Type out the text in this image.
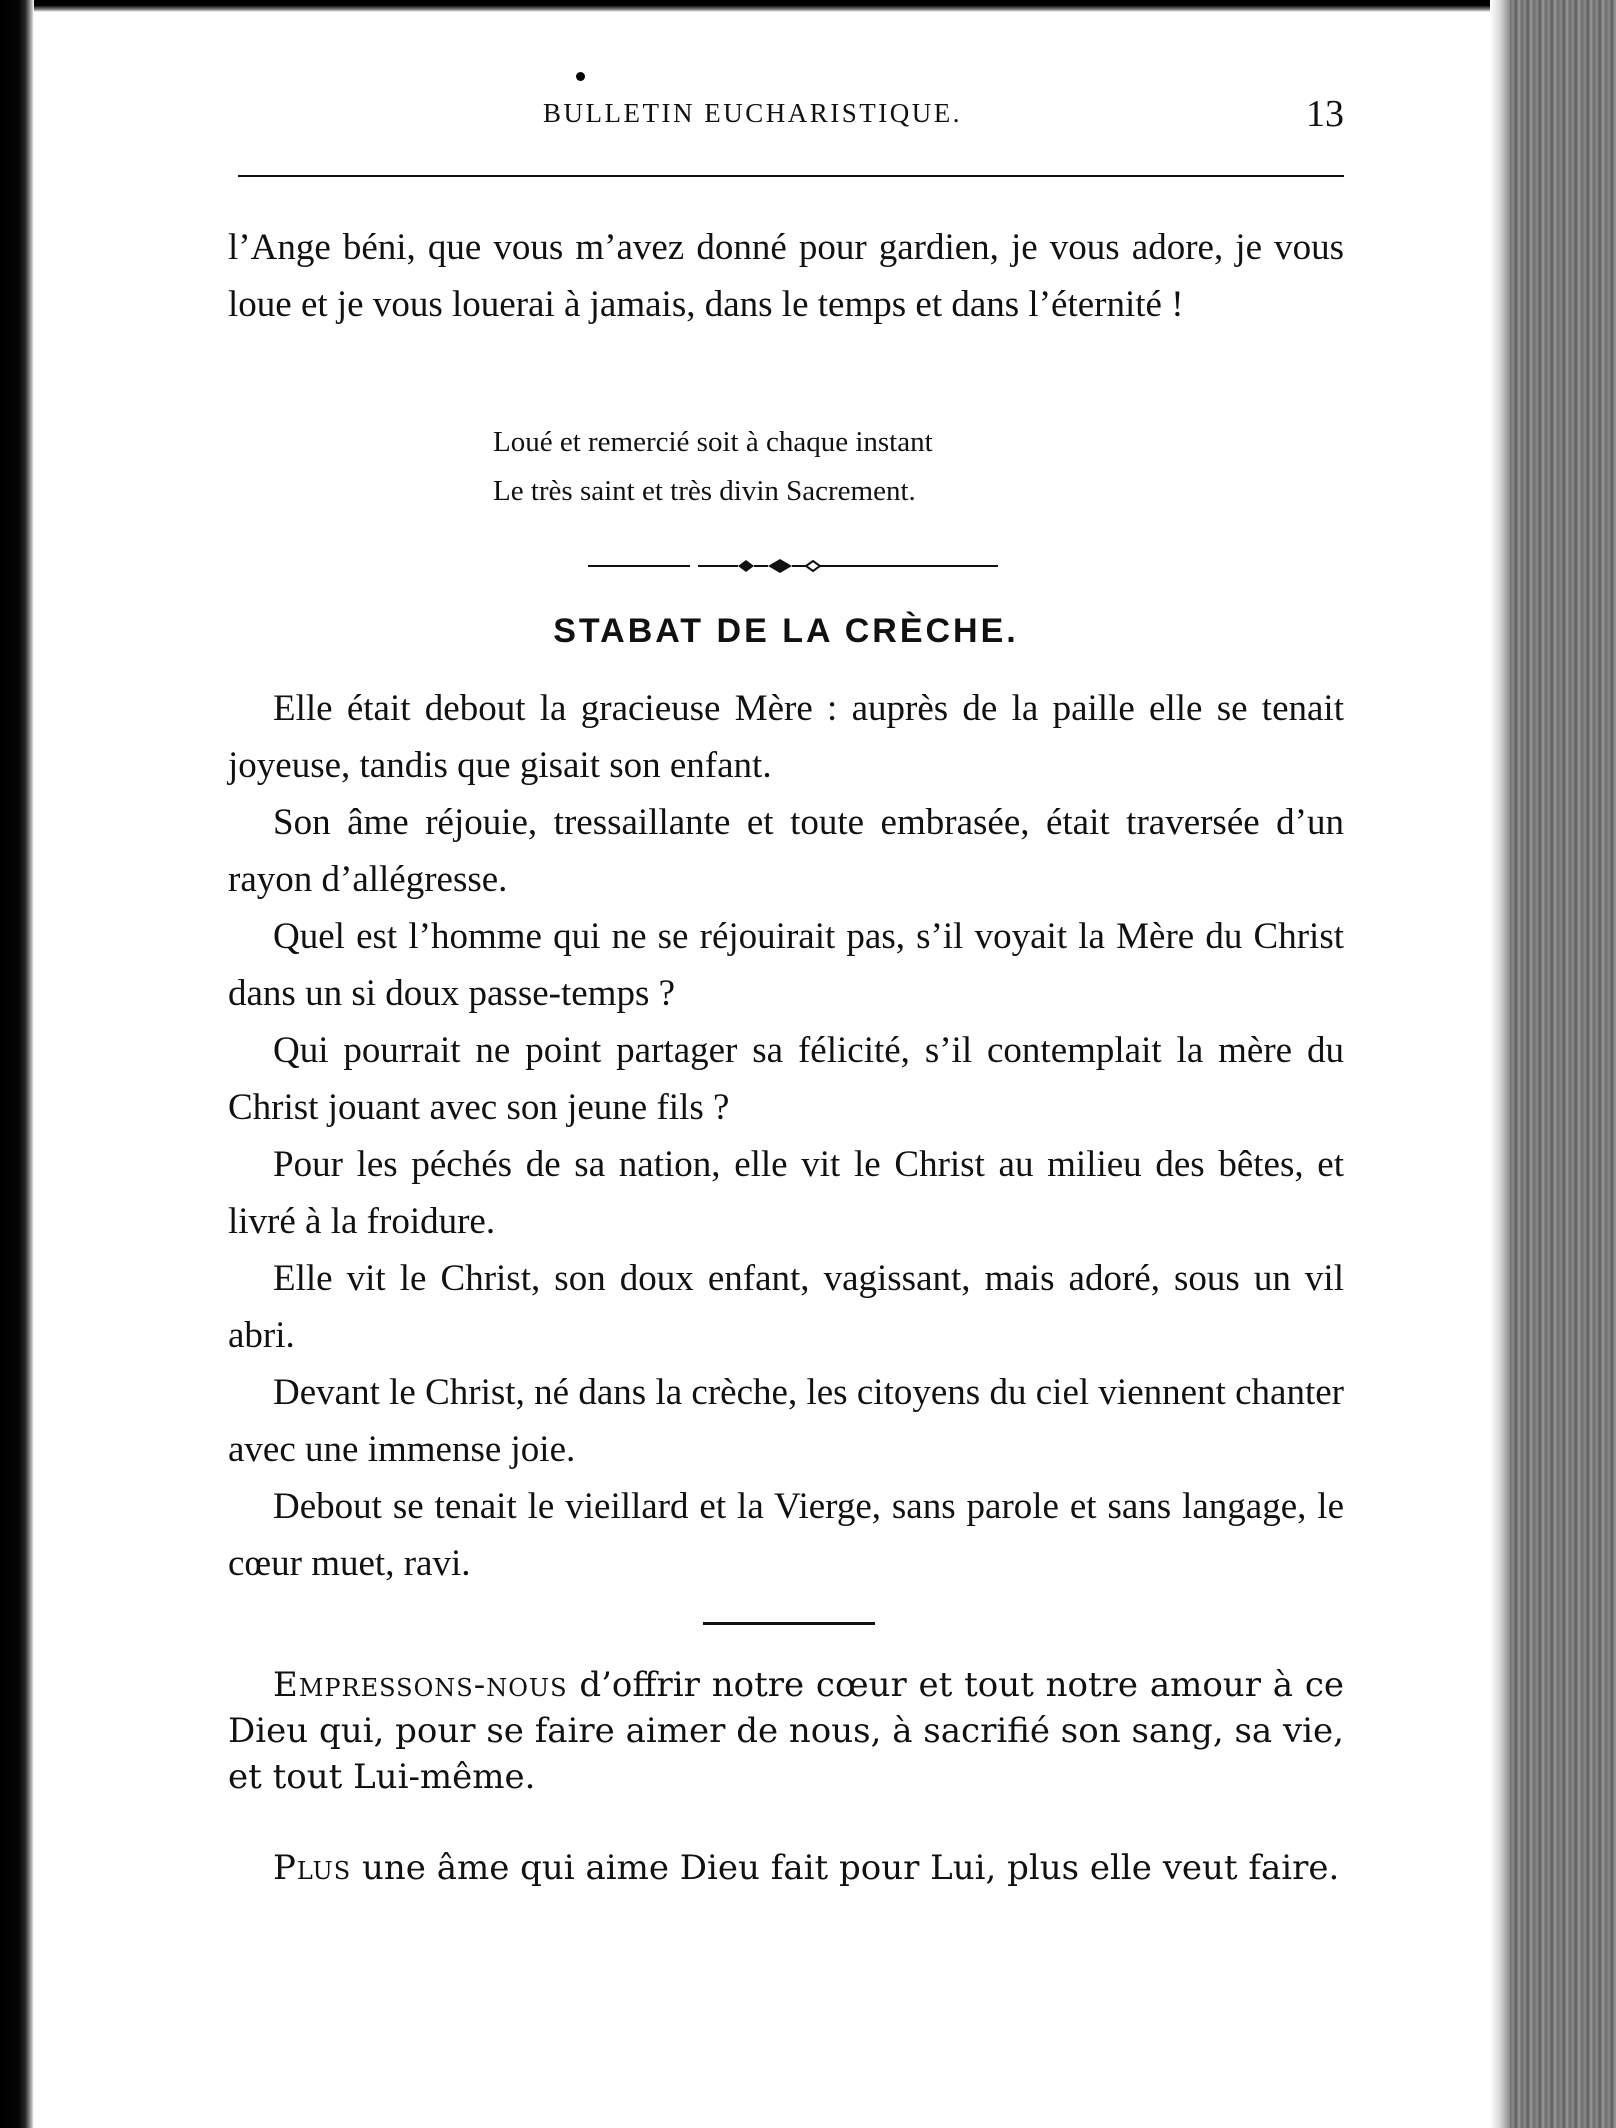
BULLETIN EUCHARISTIQUE.	13

l’Ange béni, que vous m’avez donné pour gardien, je vous adore, je vous loue et je vous louerai à jamais, dans le temps et dans l’éternité !

Loué et remercié soit à chaque instant
Le très saint et très divin Sacrement.
STABAT DE LA CRÈCHE.

Elle était debout la gracieuse Mère : auprès de la paille elle se tenait joyeuse, tandis que gisait son enfant.

Son âme réjouie, tressaillante et toute embrasée, était traversée d’un rayon d’allégresse.

Quel est l’homme qui ne se réjouirait pas, s’il voyait la Mère du Christ dans un si doux passe-temps ?

Qui pourrait ne point partager sa félicité, s’il contemplait la mère du Christ jouant avec son jeune fils ?

Pour les péchés de sa nation, elle vit le Christ au milieu des bêtes, et livré à la froidure.

Elle vit le Christ, son doux enfant, vagissant, mais adoré, sous un vil abri.

Devant le Christ, né dans la crèche, les citoyens du ciel viennent chanter avec une immense joie.

Debout se tenait le vieillard et la Vierge, sans parole et sans langage, le cœur muet, ravi.

Empressons-nous d’offrir notre cœur et tout notre amour à ce Dieu qui, pour se faire aimer de nous, à sacrifié son sang, sa vie, et tout Lui-même.

Plus une âme qui aime Dieu fait pour Lui, plus elle veut faire.
